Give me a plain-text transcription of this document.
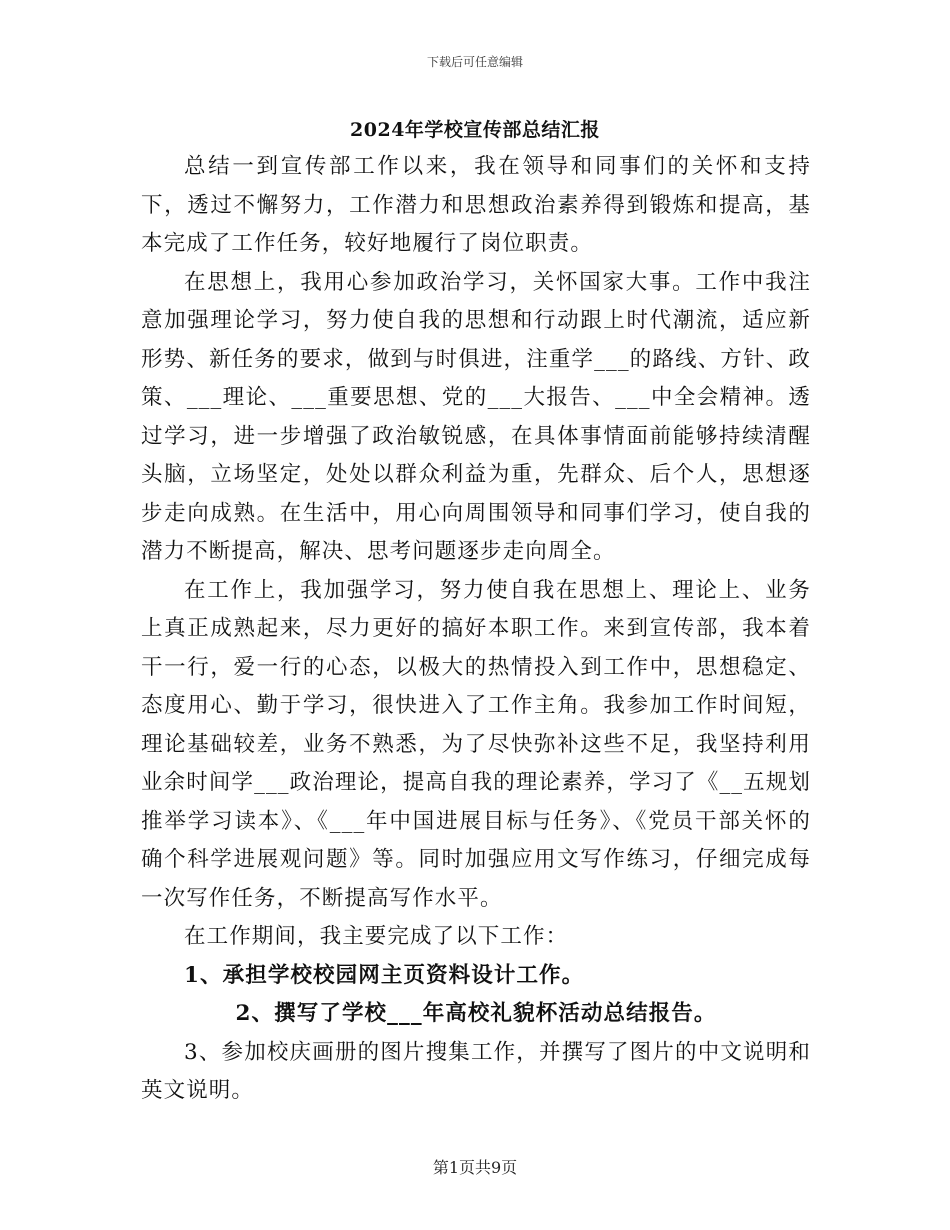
下载后可任意编辑
2024年学校宣传部总结汇报

总结一到宣传部工作以来，我在领导和同事们的关怀和支持下，透过不懈努力，工作潜力和思想政治素养得到锻炼和提高，基本完成了工作任务，较好地履行了岗位职责。

在思想上，我用心参加政治学习，关怀国家大事。工作中我注意加强理论学习，努力使自我的思想和行动跟上时代潮流，适应新形势、新任务的要求，做到与时俱进，注重学___的路线、方针、政策、___理论、___重要思想、党的___大报告、___中全会精神。透过学习，进一步增强了政治敏锐感，在具体事情面前能够持续清醒头脑，立场坚定，处处以群众利益为重，先群众、后个人，思想逐步走向成熟。在生活中，用心向周围领导和同事们学习，使自我的潜力不断提高，解决、思考问题逐步走向周全。

在工作上，我加强学习，努力使自我在思想上、理论上、业务上真正成熟起来，尽力更好的搞好本职工作。来到宣传部，我本着干一行，爱一行的心态，以极大的热情投入到工作中，思想稳定、态度用心、勤于学习，很快进入了工作主角。我参加工作时间短，理论基础较差，业务不熟悉，为了尽快弥补这些不足，我坚持利用业余时间学___政治理论，提高自我的理论素养，学习了《__五规划推举学习读本》、《___年中国进展目标与任务》、《党员干部关怀的确个科学进展观问题》等。同时加强应用文写作练习，仔细完成每一次写作任务，不断提高写作水平。

在工作期间，我主要完成了以下工作：

1、承担学校校园网主页资料设计工作。

2、撰写了学校___年高校礼貌杯活动总结报告。

3、参加校庆画册的图片搜集工作，并撰写了图片的中文说明和英文说明。

第1页共9页
